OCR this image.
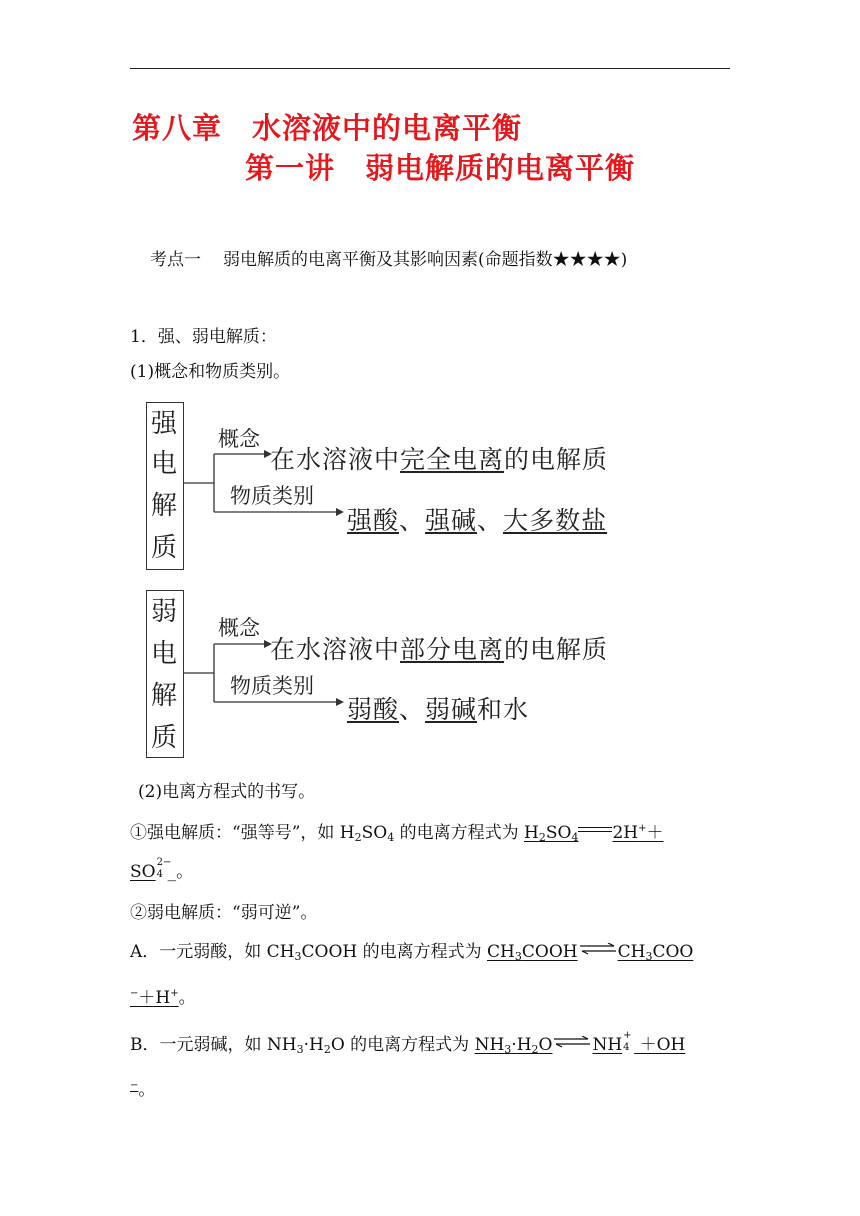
第八章 水溶液中的电离平衡
第一讲 弱电解质的电离平衡
考点一 弱电解质的电离平衡及其影响因素(命题指数★★★★)
1．强、弱电解质：
(1)概念和物质类别。
强
电
解
质
概念
在水溶液中完全电离的电解质
物质类别
强酸、强碱、大多数盐
弱
电
解
质
概念
在水溶液中部分电离的电解质
物质类别
弱酸、弱碱和水
(2)电离方程式的书写。
①强电解质：“强等号”，如 $H_2SO_4$ 的电离方程式为 $H_2SO_4$ 2H+＋
SO 2−
4 _。
②弱电解质：“弱可逆”。
A．一元弱酸，如 $CH_3COOH$ 的电离方程式为 $CH_3COOH\rightleftharpoons CH_3COO$
−＋H+。
B．一元弱碱，如 $NH_3\cdot H_2O$ 的电离方程式为 $NH_3\cdot H_2O\rightleftharpoons NH$ +
4 ＋OH
−。
